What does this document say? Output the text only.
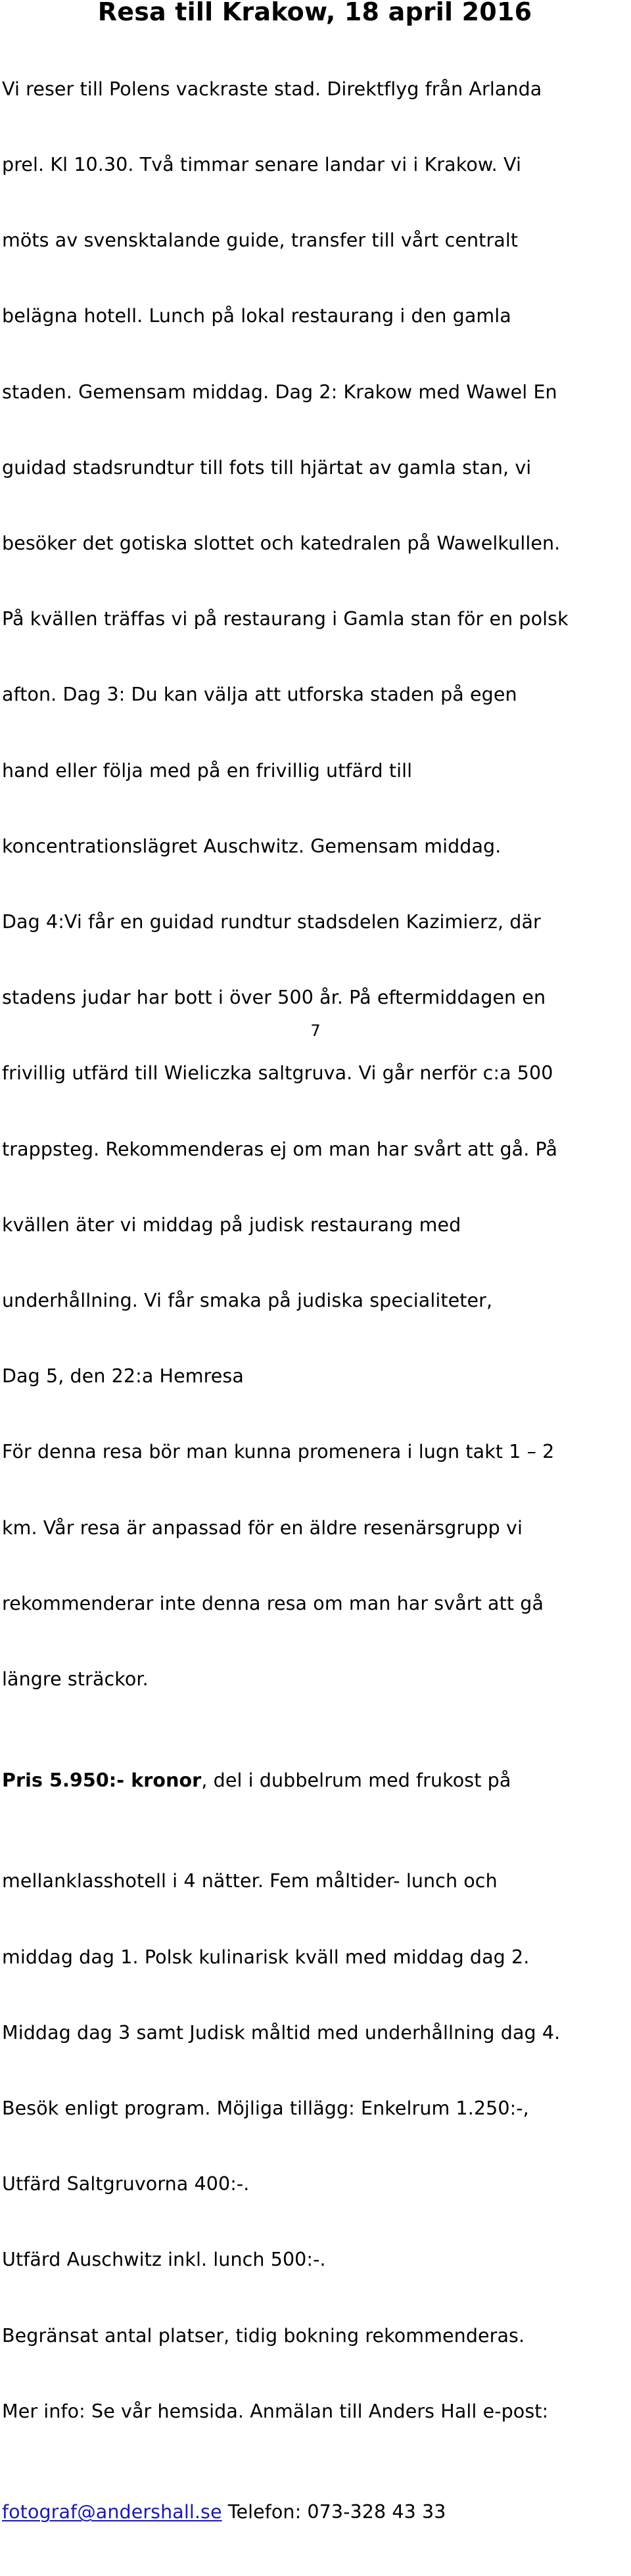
Resa till Krakow, 18 april 2016

Vi reser till Polens vackraste stad. Direktflyg från Arlanda

prel. Kl 10.30. Två timmar senare landar vi i Krakow. Vi

möts av svensktalande guide, transfer till vårt centralt

belägna hotell. Lunch på lokal restaurang i den gamla

staden. Gemensam middag. Dag 2: Krakow med Wawel En

guidad stadsrundtur till fots till hjärtat av gamla stan, vi

besöker det gotiska slottet och katedralen på Wawelkullen.

På kvällen träffas vi på restaurang i Gamla stan för en polsk

afton. Dag 3: Du kan välja att utforska staden på egen

hand eller följa med på en frivillig utfärd till

koncentrationslägret Auschwitz. Gemensam middag.

Dag 4:Vi får en guidad rundtur stadsdelen Kazimierz, där

stadens judar har bott i över 500 år. På eftermiddagen en

frivillig utfärd till Wieliczka saltgruva. Vi går nerför c:a 500

trappsteg. Rekommenderas ej om man har svårt att gå. På

kvällen äter vi middag på judisk restaurang med

underhållning. Vi får smaka på judiska specialiteter,

Dag 5, den 22:a Hemresa

För denna resa bör man kunna promenera i lugn takt 1 – 2

km. Vår resa är anpassad för en äldre resenärsgrupp vi

rekommenderar inte denna resa om man har svårt att gå

längre sträckor.

Pris 5.950:- kronor, del i dubbelrum med frukost på

mellanklasshotell i 4 nätter. Fem måltider- lunch och

middag dag 1. Polsk kulinarisk kväll med middag dag 2.

Middag dag 3 samt Judisk måltid med underhållning dag 4.

Besök enligt program. Möjliga tillägg: Enkelrum 1.250:-,

Utfärd Saltgruvorna 400:-.

Utfärd Auschwitz inkl. lunch 500:-.

Begränsat antal platser, tidig bokning rekommenderas.

Mer info: Se vår hemsida. Anmälan till Anders Hall e-post:

fotograf@andershall.se Telefon: 073-328 43 33

7
